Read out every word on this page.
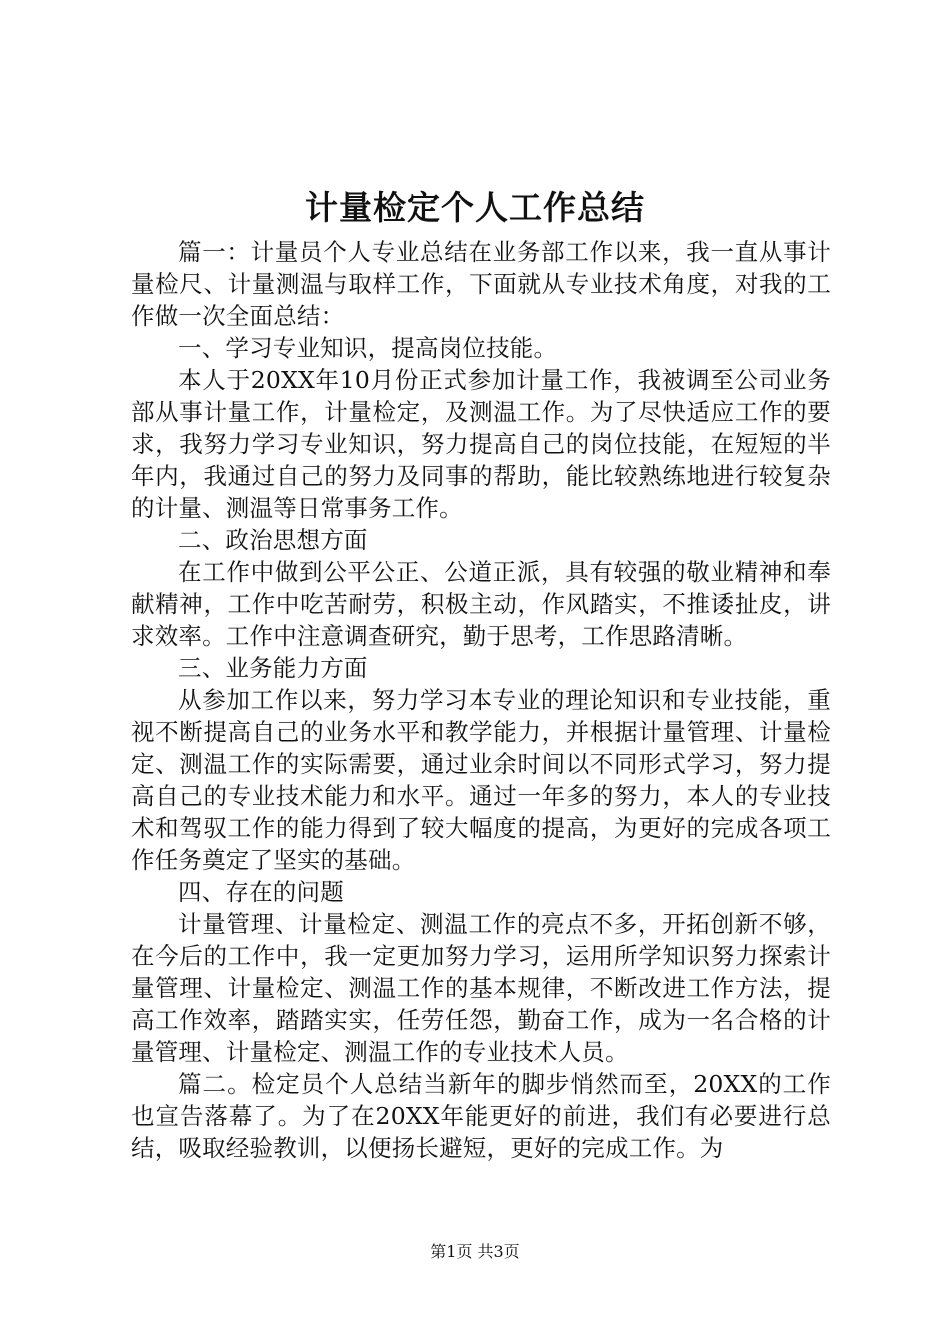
计量检定个人工作总结

篇一：计量员个人专业总结在业务部工作以来，我一直从事计量检尺、计量测温与取样工作，下面就从专业技术角度，对我的工作做一次全面总结：

一、学习专业知识，提高岗位技能。

本人于20XX年10月份正式参加计量工作，我被调至公司业务部从事计量工作，计量检定，及测温工作。为了尽快适应工作的要求，我努力学习专业知识，努力提高自己的岗位技能，在短短的半年内，我通过自己的努力及同事的帮助，能比较熟练地进行较复杂的计量、测温等日常事务工作。

二、政治思想方面

在工作中做到公平公正、公道正派，具有较强的敬业精神和奉献精神，工作中吃苦耐劳，积极主动，作风踏实，不推诿扯皮，讲求效率。工作中注意调查研究，勤于思考，工作思路清晰。

三、业务能力方面

从参加工作以来，努力学习本专业的理论知识和专业技能，重视不断提高自己的业务水平和教学能力，并根据计量管理、计量检定、测温工作的实际需要，通过业余时间以不同形式学习，努力提高自己的专业技术能力和水平。通过一年多的努力，本人的专业技术和驾驭工作的能力得到了较大幅度的提高，为更好的完成各项工作任务奠定了坚实的基础。

四、存在的问题

计量管理、计量检定、测温工作的亮点不多，开拓创新不够，在今后的工作中，我一定更加努力学习，运用所学知识努力探索计量管理、计量检定、测温工作的基本规律，不断改进工作方法，提高工作效率，踏踏实实，任劳任怨，勤奋工作，成为一名合格的计量管理、计量检定、测温工作的专业技术人员。

篇二。检定员个人总结当新年的脚步悄然而至，20XX的工作也宣告落幕了。为了在20XX年能更好的前进，我们有必要进行总结，吸取经验教训，以便扬长避短，更好的完成工作。为

第1页 共3页
